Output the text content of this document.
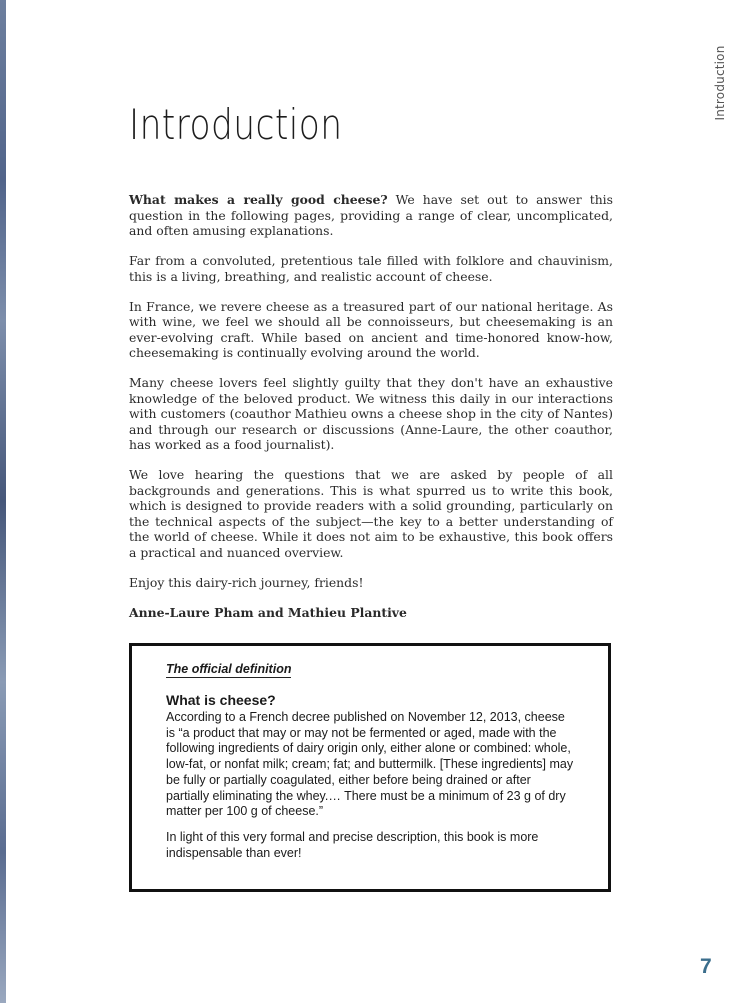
Introduction
Introduction

What makes a really good cheese? We have set out to answer this question in the following pages, providing a range of clear, uncomplicated, and often amusing explanations.

Far from a convoluted, pretentious tale filled with folklore and chauvinism, this is a living, breathing, and realistic account of cheese.

In France, we revere cheese as a treasured part of our national heritage. As with wine, we feel we should all be connoisseurs, but cheesemaking is an ever-evolving craft. While based on ancient and time-honored know-how, cheesemaking is continually evolving around the world.

Many cheese lovers feel slightly guilty that they don't have an exhaustive knowledge of the beloved product. We witness this daily in our interactions with customers (coauthor Mathieu owns a cheese shop in the city of Nantes) and through our research or discussions (Anne-Laure, the other coauthor, has worked as a food journalist).

We love hearing the questions that we are asked by people of all backgrounds and generations. This is what spurred us to write this book, which is designed to provide readers with a solid grounding, particularly on the technical aspects of the subject—the key to a better understanding of the world of cheese. While it does not aim to be exhaustive, this book offers a practical and nuanced overview.

Enjoy this dairy-rich journey, friends!

Anne-Laure Pham and Mathieu Plantive

The official definition

What is cheese?

According to a French decree published on November 12, 2013, cheese is “a product that may or may not be fermented or aged, made with the following ingredients of dairy origin only, either alone or combined: whole, low-fat, or nonfat milk; cream; fat; and buttermilk. [These ingredients] may be fully or partially coagulated, either before being drained or after partially eliminating the whey.… There must be a minimum of 23 g of dry matter per 100 g of cheese.”

In light of this very formal and precise description, this book is more indispensable than ever!

7
